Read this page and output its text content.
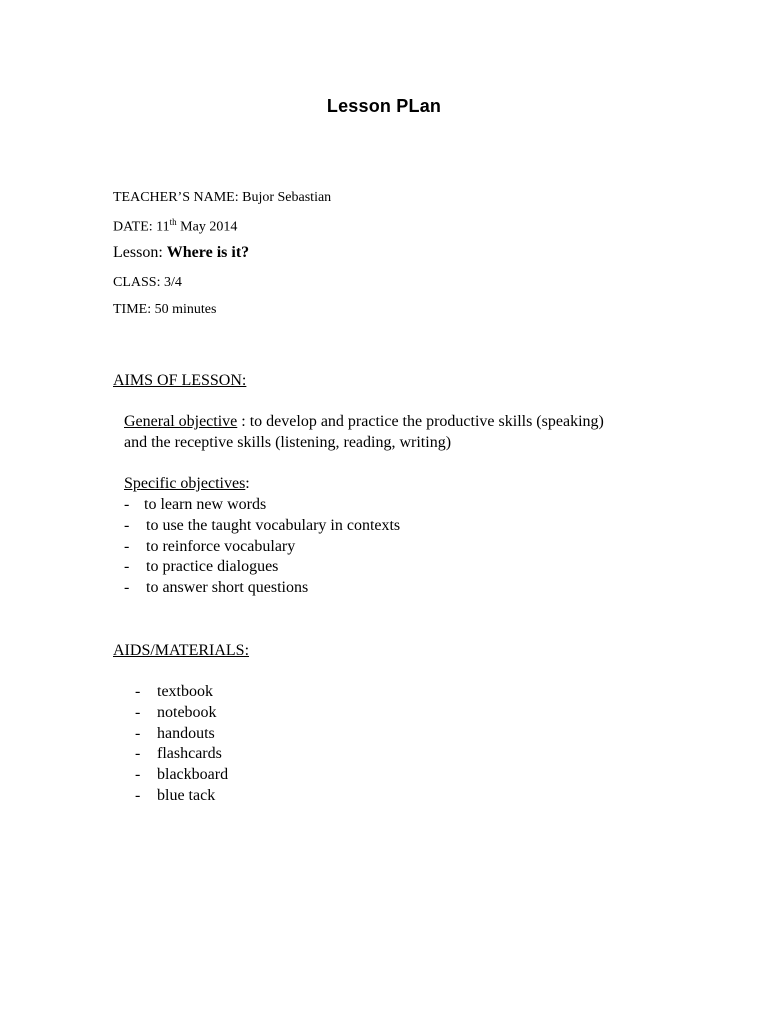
Lesson PLan
TEACHER’S NAME: Bujor Sebastian
DATE: 11th May 2014
Lesson: Where is it?
CLASS: 3/4
TIME: 50 minutes
AIMS OF LESSON:
General objective : to develop and practice the productive skills (speaking)
and the receptive skills (listening, reading, writing)
Specific objectives:
- to learn new words
- to use the taught vocabulary in contexts
- to reinforce vocabulary
- to practice dialogues
- to answer short questions
AIDS/MATERIALS:
- textbook
- notebook
- handouts
- flashcards
- blackboard
- blue tack
